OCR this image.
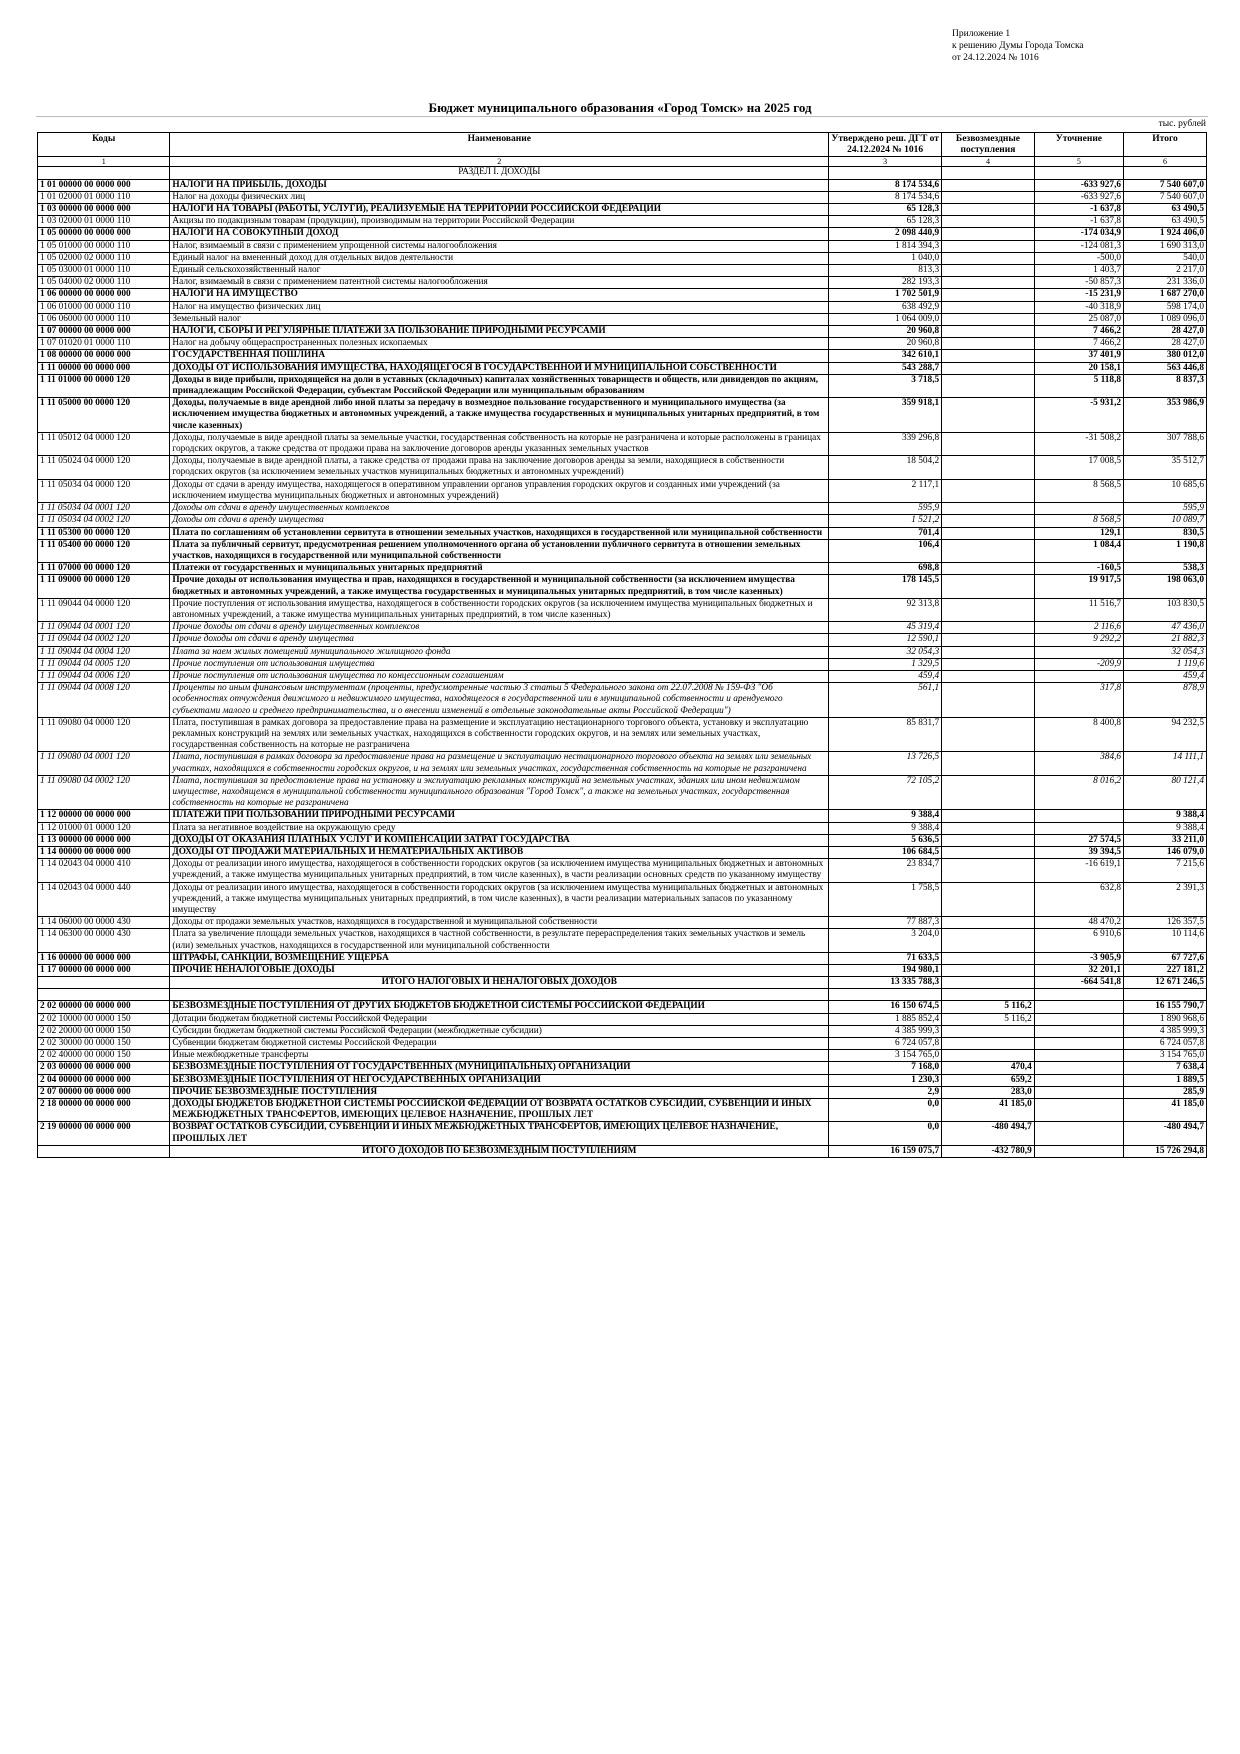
Приложение 1
к решению Думы Города Томска
от 24.12.2024 № 1016
Бюджет муниципального образования «Город Томск» на 2025 год
тыс. рублей
Коды	Наименование	Утверждено реш. ДГТ от 24.12.2024 № 1016	Безвозмездные поступления	Уточнение	Итого
1	2	3	4	5	6
	РАЗДЕЛ I. ДОХОДЫ				
1 01 00000 00 0000 000	НАЛОГИ НА ПРИБЫЛЬ, ДОХОДЫ	8 174 534,6		-633 927,6	7 540 607,0
1 01 02000 01 0000 110	Налог на доходы физических лиц	8 174 534,6		-633 927,6	7 540 607,0
1 03 00000 00 0000 000	НАЛОГИ НА ТОВАРЫ (РАБОТЫ, УСЛУГИ), РЕАЛИЗУЕМЫЕ НА ТЕРРИТОРИИ РОССИЙСКОЙ ФЕДЕРАЦИИ	65 128,3		-1 637,8	63 490,5
1 03 02000 01 0000 110	Акцизы по подакцизным товарам (продукции), производимым на территории Российской Федерации	65 128,3		-1 637,8	63 490,5
1 05 00000 00 0000 000	НАЛОГИ НА СОВОКУПНЫЙ ДОХОД	2 098 440,9		-174 034,9	1 924 406,0
1 05 01000 00 0000 110	Налог, взимаемый в связи с применением упрощенной системы налогообложения	1 814 394,3		-124 081,3	1 690 313,0
1 05 02000 02 0000 110	Единый налог на вмененный доход для отдельных видов деятельности	1 040,0		-500,0	540,0
1 05 03000 01 0000 110	Единый сельскохозяйственный налог	813,3		1 403,7	2 217,0
1 05 04000 02 0000 110	Налог, взимаемый в связи с применением патентной системы налогообложения	282 193,3		-50 857,3	231 336,0
1 06 00000 00 0000 000	НАЛОГИ НА ИМУЩЕСТВО	1 702 501,9		-15 231,9	1 687 270,0
1 06 01000 00 0000 110	Налог на имущество физических лиц	638 492,9		-40 318,9	598 174,0
1 06 06000 00 0000 110	Земельный налог	1 064 009,0		25 087,0	1 089 096,0
1 07 00000 00 0000 000	НАЛОГИ, СБОРЫ И РЕГУЛЯРНЫЕ ПЛАТЕЖИ ЗА ПОЛЬЗОВАНИЕ ПРИРОДНЫМИ РЕСУРСАМИ	20 960,8		7 466,2	28 427,0
1 07 01020 01 0000 110	Налог на добычу общераспространенных полезных ископаемых	20 960,8		7 466,2	28 427,0
1 08 00000 00 0000 000	ГОСУДАРСТВЕННАЯ ПОШЛИНА	342 610,1		37 401,9	380 012,0
1 11 00000 00 0000 000	ДОХОДЫ ОТ ИСПОЛЬЗОВАНИЯ ИМУЩЕСТВА, НАХОДЯЩЕГОСЯ В ГОСУДАРСТВЕННОЙ И МУНИЦИПАЛЬНОЙ СОБСТВЕННОСТИ	543 288,7		20 158,1	563 446,8
1 11 01000 00 0000 120	Доходы в виде прибыли, приходящейся на доли в уставных (складочных) капиталах хозяйственных товариществ и обществ, или дивидендов по акциям, принадлежащим Российской Федерации, субъектам Российской Федерации или муниципальным образованиям	3 718,5		5 118,8	8 837,3
1 11 05000 00 0000 120	Доходы, получаемые в виде арендной либо иной платы за передачу в возмездное пользование государственного и муниципального имущества (за исключением имущества бюджетных и автономных учреждений, а также имущества государственных и муниципальных унитарных предприятий, в том числе казенных)	359 918,1		-5 931,2	353 986,9
1 11 05012 04 0000 120	Доходы, получаемые в виде арендной платы за земельные участки, государственная собственность на которые не разграничена и которые расположены в границах городских округов, а также средства от продажи права на заключение договоров аренды указанных земельных участков	339 296,8		-31 508,2	307 788,6
1 11 05024 04 0000 120	Доходы, получаемые в виде арендной платы, а также средства от продажи права на заключение договоров аренды за земли, находящиеся в собственности городских округов (за исключением земельных участков муниципальных бюджетных и автономных учреждений)	18 504,2		17 008,5	35 512,7
1 11 05034 04 0000 120	Доходы от сдачи в аренду имущества, находящегося в оперативном управлении органов управления городских округов и созданных ими учреждений (за исключением имущества муниципальных бюджетных и автономных учреждений)	2 117,1		8 568,5	10 685,6
1 11 05034 04 0001 120	Доходы от сдачи в аренду имущественных комплексов	595,9			595,9
1 11 05034 04 0002 120	Доходы от сдачи в аренду имущества	1 521,2		8 568,5	10 089,7
1 11 05300 00 0000 120	Плата по соглашениям об установлении сервитута в отношении земельных участков, находящихся в государственной или муниципальной собственности	701,4		129,1	830,5
1 11 05400 00 0000 120	Плата за публичный сервитут, предусмотренная решением уполномоченного органа об установлении публичного сервитута в отношении земельных участков, находящихся в государственной или муниципальной собственности	106,4		1 084,4	1 190,8
1 11 07000 00 0000 120	Платежи от государственных и муниципальных унитарных предприятий	698,8		-160,5	538,3
1 11 09000 00 0000 120	Прочие доходы от использования имущества и прав, находящихся в государственной и муниципальной собственности (за исключением имущества бюджетных и автономных учреждений, а также имущества государственных и муниципальных унитарных предприятий, в том числе казенных)	178 145,5		19 917,5	198 063,0
1 11 09044 04 0000 120	Прочие поступления от использования имущества, находящегося в собственности городских округов (за исключением имущества муниципальных бюджетных и автономных учреждений, а также имущества муниципальных унитарных предприятий, в том числе казенных)	92 313,8		11 516,7	103 830,5
1 11 09044 04 0001 120	Прочие доходы от сдачи в аренду имущественных комплексов	45 319,4		2 116,6	47 436,0
1 11 09044 04 0002 120	Прочие доходы от сдачи в аренду имущества	12 590,1		9 292,2	21 882,3
1 11 09044 04 0004 120	Плата за наем жилых помещений муниципального жилищного фонда	32 054,3			32 054,3
1 11 09044 04 0005 120	Прочие поступления от использования имущества	1 329,5		-209,9	1 119,6
1 11 09044 04 0006 120	Прочие поступления от использования имущества по концессионным соглашениям	459,4			459,4
1 11 09044 04 0008 120	Проценты по иным финансовым инструментам (проценты, предусмотренные частью 3 статьи 5 Федерального закона от 22.07.2008 № 159-ФЗ "Об особенностях отчуждения движимого и недвижимого имущества, находящегося в государственной или в муниципальной собственности и арендуемого субъектами малого и среднего предпринимательства, и о внесении изменений в отдельные законодательные акты Российской Федерации")	561,1		317,8	878,9
1 11 09080 04 0000 120	Плата, поступившая в рамках договора за предоставление права на размещение и эксплуатацию нестационарного торгового объекта, установку и эксплуатацию рекламных конструкций на землях или земельных участках, находящихся в собственности городских округов, и на землях или земельных участках, государственная собственность на которые не разграничена	85 831,7		8 400,8	94 232,5
1 11 09080 04 0001 120	Плата, поступившая в рамках договора за предоставление права на размещение и эксплуатацию нестационарного торгового объекта на землях или земельных участках, находящихся в собственности городских округов, и на землях или земельных участках, государственная собственность на которые не разграничена	13 726,5		384,6	14 111,1
1 11 09080 04 0002 120	Плата, поступившая за предоставление права на установку и эксплуатацию рекламных конструкций на земельных участках, зданиях или ином недвижимом имуществе, находящемся в муниципальной собственности муниципального образования "Город Томск", а также на земельных участках, государственная собственность на которые не разграничена	72 105,2		8 016,2	80 121,4
1 12 00000 00 0000 000	ПЛАТЕЖИ ПРИ ПОЛЬЗОВАНИИ ПРИРОДНЫМИ РЕСУРСАМИ	9 388,4			9 388,4
1 12 01000 01 0000 120	Плата за негативное воздействие на окружающую среду	9 388,4			9 388,4
1 13 00000 00 0000 000	ДОХОДЫ ОТ ОКАЗАНИЯ ПЛАТНЫХ УСЛУГ И КОМПЕНСАЦИИ ЗАТРАТ ГОСУДАРСТВА	5 636,5		27 574,5	33 211,0
1 14 00000 00 0000 000	ДОХОДЫ ОТ ПРОДАЖИ МАТЕРИАЛЬНЫХ И НЕМАТЕРИАЛЬНЫХ АКТИВОВ	106 684,5		39 394,5	146 079,0
1 14 02043 04 0000 410	Доходы от реализации иного имущества, находящегося в собственности городских округов (за исключением имущества муниципальных бюджетных и автономных учреждений, а также имущества муниципальных унитарных предприятий, в том числе казенных), в части реализации основных средств по указанному имуществу	23 834,7		-16 619,1	7 215,6
1 14 02043 04 0000 440	Доходы от реализации иного имущества, находящегося в собственности городских округов (за исключением имущества муниципальных бюджетных и автономных учреждений, а также имущества муниципальных унитарных предприятий, в том числе казенных), в части реализации материальных запасов по указанному имуществу	1 758,5		632,8	2 391,3
1 14 06000 00 0000 430	Доходы от продажи земельных участков, находящихся в государственной и муниципальной собственности	77 887,3		48 470,2	126 357,5
1 14 06300 00 0000 430	Плата за увеличение площади земельных участков, находящихся в частной собственности, в результате перераспределения таких земельных участков и земель (или) земельных участков, находящихся в государственной или муниципальной собственности	3 204,0		6 910,6	10 114,6
1 16 00000 00 0000 000	ШТРАФЫ, САНКЦИИ, ВОЗМЕЩЕНИЕ УЩЕРБА	71 633,5		-3 905,9	67 727,6
1 17 00000 00 0000 000	ПРОЧИЕ НЕНАЛОГОВЫЕ ДОХОДЫ	194 980,1		32 201,1	227 181,2
	ИТОГО НАЛОГОВЫХ И НЕНАЛОГОВЫХ ДОХОДОВ	13 335 788,3		-664 541,8	12 671 246,5

2 02 00000 00 0000 000	БЕЗВОЗМЕЗДНЫЕ ПОСТУПЛЕНИЯ ОТ ДРУГИХ БЮДЖЕТОВ БЮДЖЕТНОЙ СИСТЕМЫ РОССИЙСКОЙ ФЕДЕРАЦИИ	16 150 674,5	5 116,2		16 155 790,7
2 02 10000 00 0000 150	Дотации бюджетам бюджетной системы Российской Федерации	1 885 852,4	5 116,2		1 890 968,6
2 02 20000 00 0000 150	Субсидии бюджетам бюджетной системы Российской Федерации (межбюджетные субсидии)	4 385 999,3			4 385 999,3
2 02 30000 00 0000 150	Субвенции бюджетам бюджетной системы Российской Федерации	6 724 057,8			6 724 057,8
2 02 40000 00 0000 150	Иные межбюджетные трансферты	3 154 765,0			3 154 765,0
2 03 00000 00 0000 000	БЕЗВОЗМЕЗДНЫЕ ПОСТУПЛЕНИЯ ОТ ГОСУДАРСТВЕННЫХ (МУНИЦИПАЛЬНЫХ) ОРГАНИЗАЦИЙ	7 168,0	470,4		7 638,4
2 04 00000 00 0000 000	БЕЗВОЗМЕЗДНЫЕ ПОСТУПЛЕНИЯ ОТ НЕГОСУДАРСТВЕННЫХ ОРГАНИЗАЦИЙ	1 230,3	659,2		1 889,5
2 07 00000 00 0000 000	ПРОЧИЕ БЕЗВОЗМЕЗДНЫЕ ПОСТУПЛЕНИЯ	2,9	283,0		285,9
2 18 00000 00 0000 000	ДОХОДЫ БЮДЖЕТОВ БЮДЖЕТНОЙ СИСТЕМЫ РОССИЙСКОЙ ФЕДЕРАЦИИ ОТ ВОЗВРАТА ОСТАТКОВ СУБСИДИЙ, СУБВЕНЦИЙ И ИНЫХ МЕЖБЮДЖЕТНЫХ ТРАНСФЕРТОВ, ИМЕЮЩИХ ЦЕЛЕВОЕ НАЗНАЧЕНИЕ, ПРОШЛЫХ ЛЕТ	0,0	41 185,0		41 185,0
2 19 00000 00 0000 000	ВОЗВРАТ ОСТАТКОВ СУБСИДИЙ, СУБВЕНЦИЙ И ИНЫХ МЕЖБЮДЖЕТНЫХ ТРАНСФЕРТОВ, ИМЕЮЩИХ ЦЕЛЕВОЕ НАЗНАЧЕНИЕ, ПРОШЛЫХ ЛЕТ	0,0	-480 494,7		-480 494,7
	ИТОГО ДОХОДОВ ПО БЕЗВОЗМЕЗДНЫМ ПОСТУПЛЕНИЯМ	16 159 075,7	-432 780,9		15 726 294,8
